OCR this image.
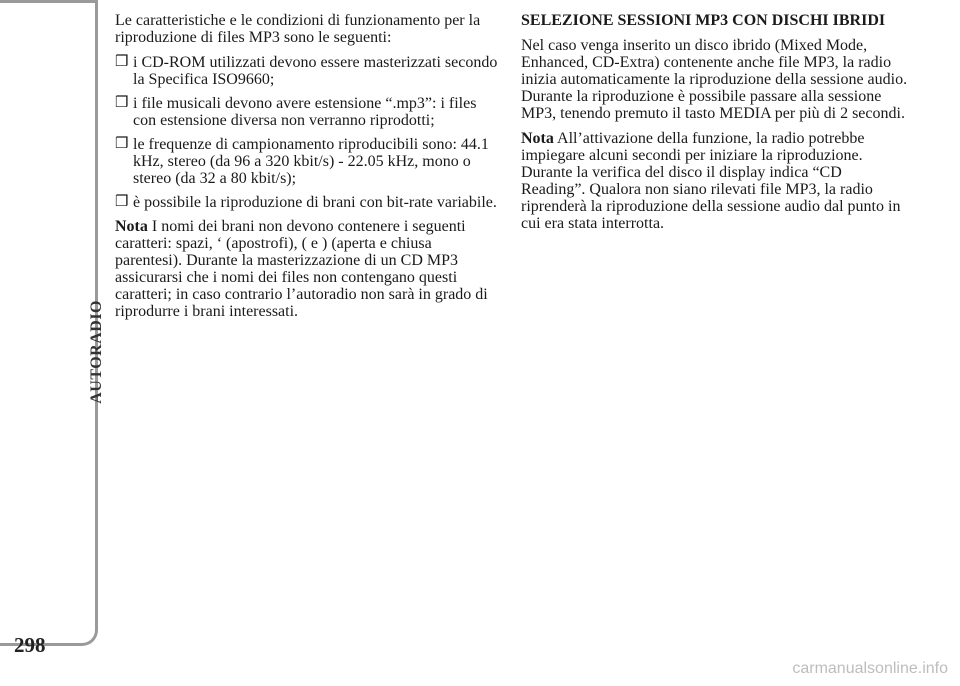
AUTORADIO
298

Le caratteristiche e le condizioni di funzionamento per la riproduzione di files MP3 sono le seguenti:

❒ i CD-ROM utilizzati devono essere masterizzati secondo la Specifica ISO9660;
❒ i file musicali devono avere estensione “.mp3”: i files con estensione diversa non verranno riprodotti;
❒ le frequenze di campionamento riproducibili sono: 44.1 kHz, stereo (da 96 a 320 kbit/s) - 22.05 kHz, mono o stereo (da 32 a 80 kbit/s);
❒ è possibile la riproduzione di brani con bit-rate variabile.

Nota I nomi dei brani non devono contenere i seguenti caratteri: spazi, ‘ (apostrofi), ( e ) (aperta e chiusa parentesi). Durante la masterizzazione di un CD MP3 assicurarsi che i nomi dei files non contengano questi caratteri; in caso contrario l’autoradio non sarà in grado di riprodurre i brani interessati.

SELEZIONE SESSIONI MP3 CON DISCHI IBRIDI

Nel caso venga inserito un disco ibrido (Mixed Mode, Enhanced, CD-Extra) contenente anche file MP3, la radio inizia automaticamente la riproduzione della sessione audio. Durante la riproduzione è possibile passare alla sessione MP3, tenendo premuto il tasto MEDIA per più di 2 secondi.

Nota All’attivazione della funzione, la radio potrebbe impiegare alcuni secondi per iniziare la riproduzione. Durante la verifica del disco il display indica “CD Reading”. Qualora non siano rilevati file MP3, la radio riprenderà la riproduzione della sessione audio dal punto in cui era stata interrotta.

carmanualsonline.info
